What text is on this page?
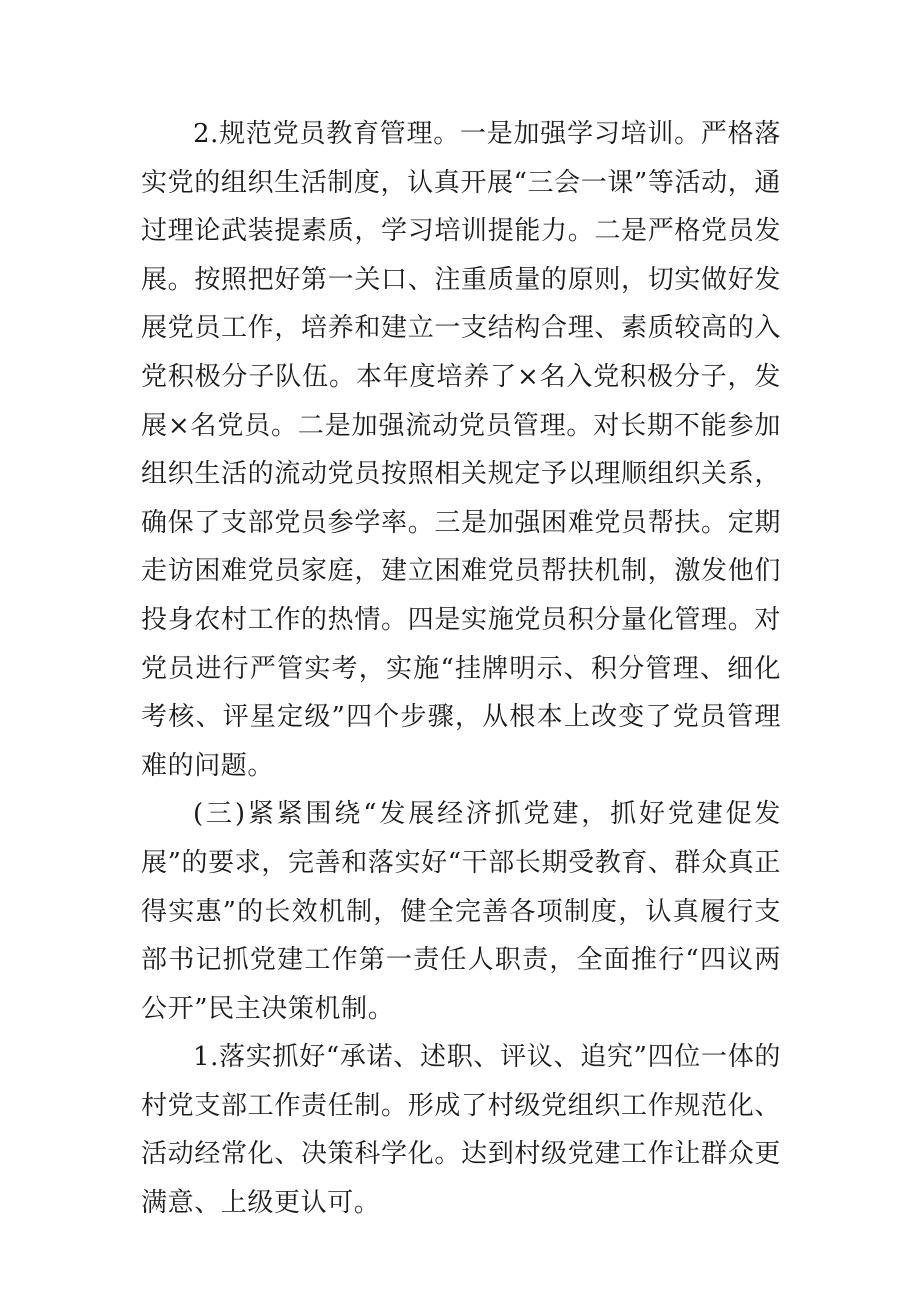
2.规范党员教育管理。一是加强学习培训。严格落实党的组织生活制度，认真开展“三会一课”等活动，通过理论武装提素质，学习培训提能力。二是严格党员发展。按照把好第一关口、注重质量的原则，切实做好发展党员工作，培养和建立一支结构合理、素质较高的入党积极分子队伍。本年度培养了×名入党积极分子，发展×名党员。二是加强流动党员管理。对长期不能参加组织生活的流动党员按照相关规定予以理顺组织关系，确保了支部党员参学率。三是加强困难党员帮扶。定期走访困难党员家庭，建立困难党员帮扶机制，激发他们投身农村工作的热情。四是实施党员积分量化管理。对党员进行严管实考，实施“挂牌明示、积分管理、细化考核、评星定级”四个步骤，从根本上改变了党员管理难的问题。

(三)紧紧围绕“发展经济抓党建，抓好党建促发展”的要求，完善和落实好“干部长期受教育、群众真正得实惠”的长效机制，健全完善各项制度，认真履行支部书记抓党建工作第一责任人职责，全面推行“四议两公开”民主决策机制。

1.落实抓好“承诺、述职、评议、追究”四位一体的村党支部工作责任制。形成了村级党组织工作规范化、活动经常化、决策科学化。达到村级党建工作让群众更满意、上级更认可。
